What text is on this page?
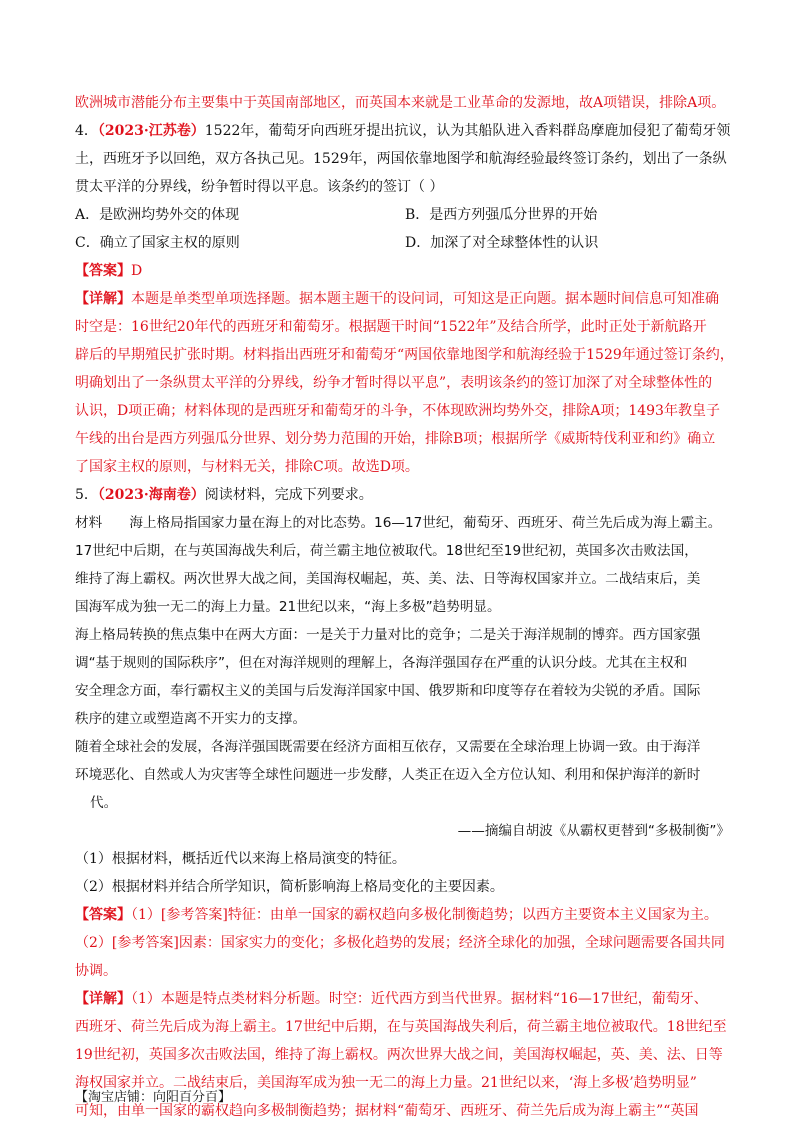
欧洲城市潜能分布主要集中于英国南部地区，而英国本来就是工业革命的发源地，故A项错误，排除A项。
4．（2023·江苏卷）1522年，葡萄牙向西班牙提出抗议，认为其船队进入香料群岛摩鹿加侵犯了葡萄牙领
土，西班牙予以回绝，双方各执己见。1529年，两国依靠地图学和航海经验最终签订条约，划出了一条纵
贯太平洋的分界线，纷争暂时得以平息。该条约的签订（ ）
A．是欧洲均势外交的体现	B．是西方列强瓜分世界的开始
C．确立了国家主权的原则	D．加深了对全球整体性的认识
【答案】D
【详解】本题是单类型单项选择题。据本题主题干的设问词，可知这是正向题。据本题时间信息可知准确
时空是：16世纪20年代的西班牙和葡萄牙。根据题干时间“1522年”及结合所学，此时正处于新航路开
辟后的早期殖民扩张时期。材料指出西班牙和葡萄牙“两国依靠地图学和航海经验于1529年通过签订条约，
明确划出了一条纵贯太平洋的分界线，纷争才暂时得以平息”，表明该条约的签订加深了对全球整体性的
认识，D项正确；材料体现的是西班牙和葡萄牙的斗争，不体现欧洲均势外交，排除A项；1493年教皇子
午线的出台是西方列强瓜分世界、划分势力范围的开始，排除B项；根据所学《威斯特伐利亚和约》确立
了国家主权的原则，与材料无关，排除C项。故选D项。
5．（2023·海南卷）阅读材料，完成下列要求。
材料　　海上格局指国家力量在海上的对比态势。16—17世纪，葡萄牙、西班牙、荷兰先后成为海上霸主。
17世纪中后期，在与英国海战失利后，荷兰霸主地位被取代。18世纪至19世纪初，英国多次击败法国，
维持了海上霸权。两次世界大战之间，美国海权崛起，英、美、法、日等海权国家并立。二战结束后，美
国海军成为独一无二的海上力量。21世纪以来，“海上多极”趋势明显。
海上格局转换的焦点集中在两大方面：一是关于力量对比的竞争；二是关于海洋规制的博弈。西方国家强
调“基于规则的国际秩序”，但在对海洋规则的理解上，各海洋强国存在严重的认识分歧。尤其在主权和
安全理念方面，奉行霸权主义的美国与后发海洋国家中国、俄罗斯和印度等存在着较为尖锐的矛盾。国际
秩序的建立或塑造离不开实力的支撑。
随着全球社会的发展，各海洋强国既需要在经济方面相互依存，又需要在全球治理上协调一致。由于海洋
环境恶化、自然或人为灾害等全球性问题进一步发酵，人类正在迈入全方位认知、利用和保护海洋的新时
代。
——摘编自胡波《从霸权更替到“多极制衡”》
（1）根据材料，概括近代以来海上格局演变的特征。
（2）根据材料并结合所学知识，简析影响海上格局变化的主要因素。
【答案】（1）[参考答案]特征：由单一国家的霸权趋向多极化制衡趋势；以西方主要资本主义国家为主。
（2）[参考答案]因素：国家实力的变化；多极化趋势的发展；经济全球化的加强，全球问题需要各国共同
协调。
【详解】（1）本题是特点类材料分析题。时空：近代西方到当代世界。据材料“16—17世纪，葡萄牙、
西班牙、荷兰先后成为海上霸主。17世纪中后期，在与英国海战失利后，荷兰霸主地位被取代。18世纪至
19世纪初，英国多次击败法国，维持了海上霸权。两次世界大战之间，美国海权崛起，英、美、法、日等
海权国家并立。二战结束后，美国海军成为独一无二的海上力量。21世纪以来，‘海上多极’趋势明显”
可知，由单一国家的霸权趋向多极制衡趋势；据材料“葡萄牙、西班牙、荷兰先后成为海上霸主”“英国
【淘宝店铺：向阳百分百】
